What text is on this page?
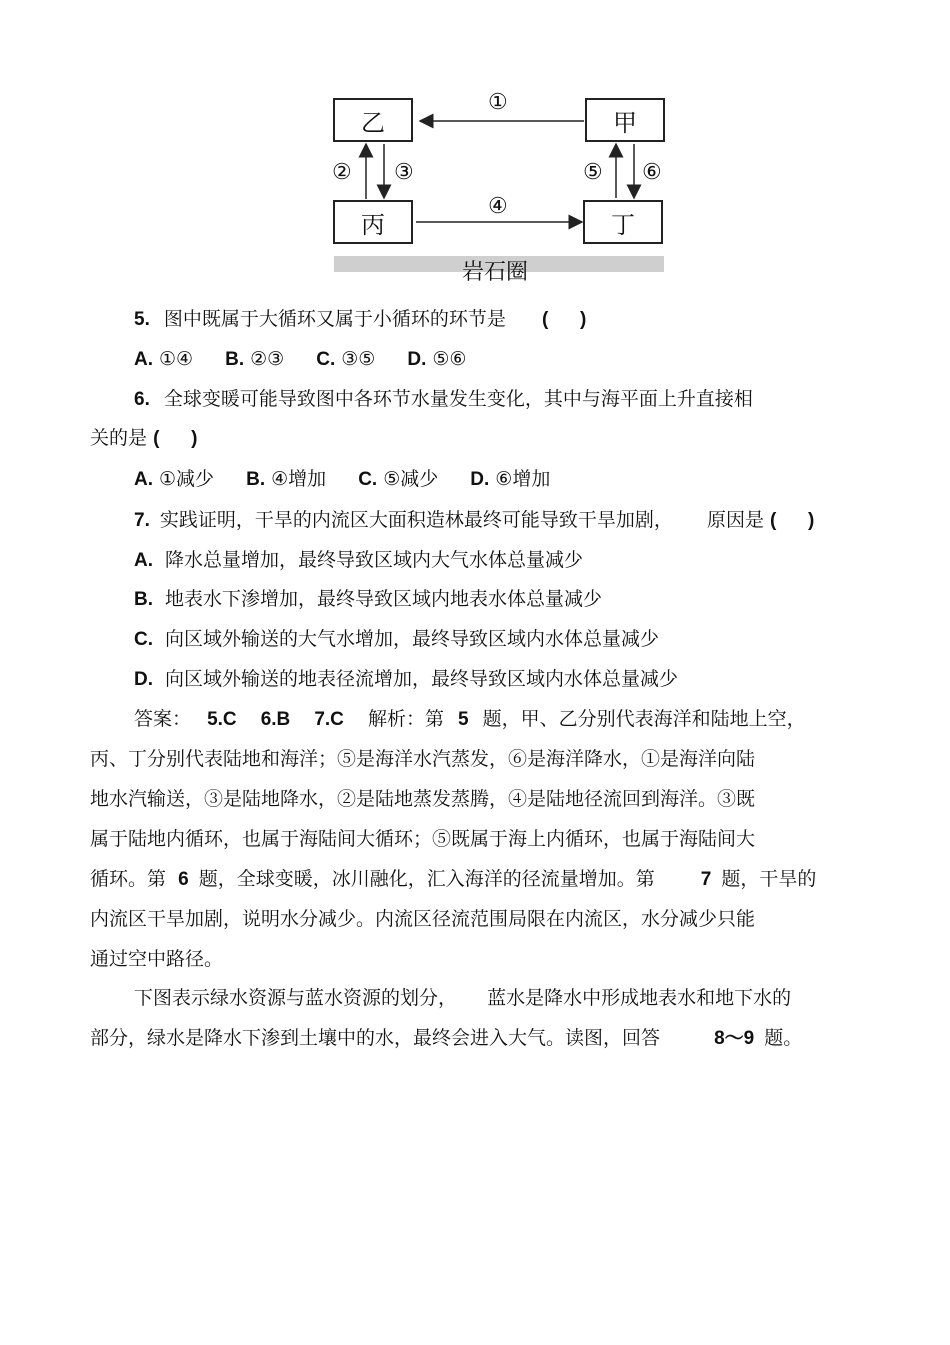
乙	甲
丙	丁
①
② ③
④
⑤ ⑥
岩石圈
5. 图中既属于大循环又属于小循环的环节是 (      )
A. ①④ B. ②③ C. ③⑤ D. ⑤⑥
6. 全球变暖可能导致图中各环节水量发生变化，其中与海平面上升直接相
关的是 (      )
A. ①减少 B. ④增加 C. ⑤减少 D. ⑥增加
7. 实践证明，干旱的内流区大面积造林最终可能导致干旱加剧， 原因是 (      )
A. 降水总量增加，最终导致区域内大气水体总量减少
B. 地表水下渗增加，最终导致区域内地表水体总量减少
C. 向区域外输送的大气水增加，最终导致区域内水体总量减少
D. 向区域外输送的地表径流增加，最终导致区域内水体总量减少
答案： 5.C 6.B 7.C 解析：第 5 题，甲、乙分别代表海洋和陆地上空，
丙、丁分别代表陆地和海洋；⑤是海洋水汽蒸发，⑥是海洋降水，①是海洋向陆
地水汽输送，③是陆地降水，②是陆地蒸发蒸腾，④是陆地径流回到海洋。③既
属于陆地内循环，也属于海陆间大循环；⑤既属于海上内循环，也属于海陆间大
循环。第 6 题，全球变暖，冰川融化，汇入海洋的径流量增加。第 7 题，干旱的
内流区干旱加剧，说明水分减少。内流区径流范围局限在内流区，水分减少只能
通过空中路径。
下图表示绿水资源与蓝水资源的划分， 蓝水是降水中形成地表水和地下水的
部分，绿水是降水下渗到土壤中的水，最终会进入大气。读图，回答	8～9 题。
